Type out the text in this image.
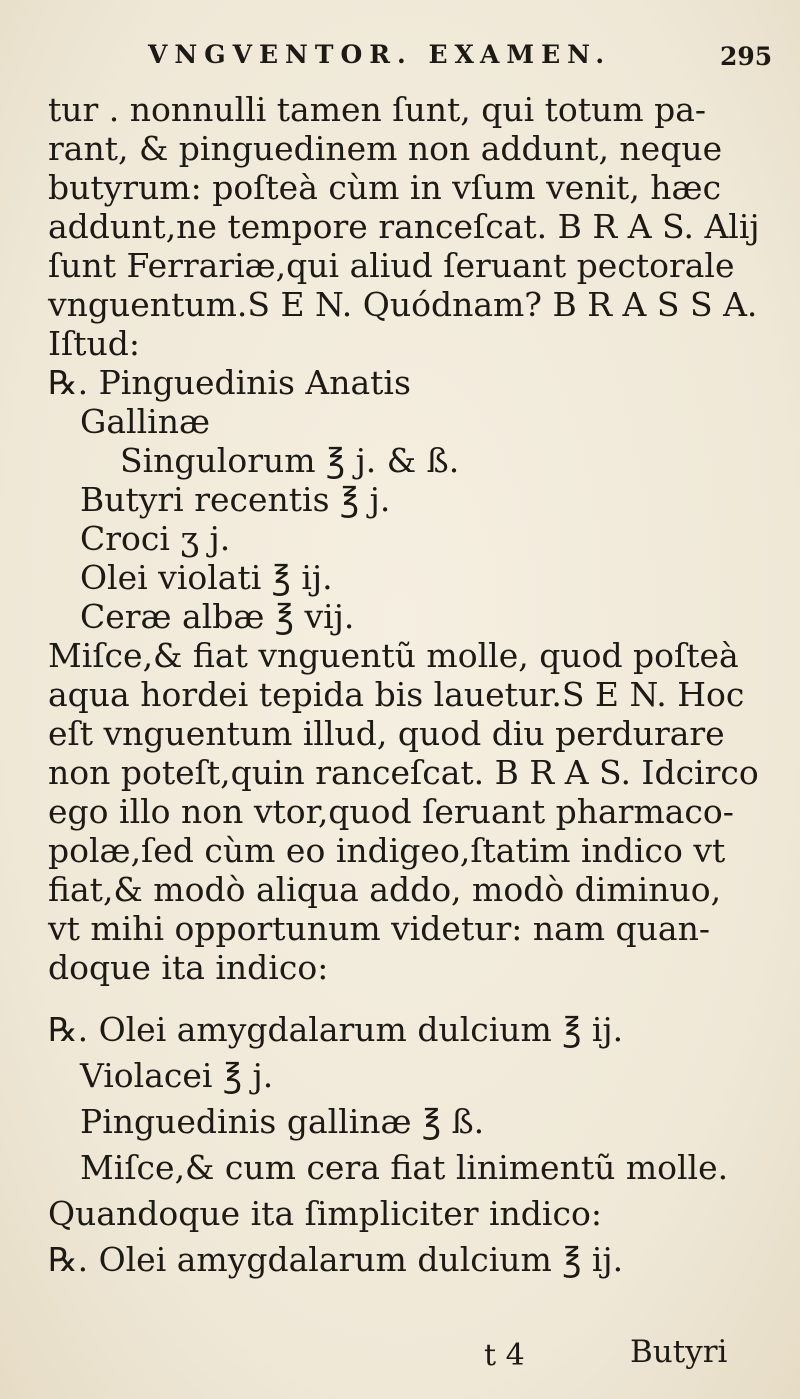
VNGVENTOR. EXAMEN.	295
tur . nonnulli tamen ſunt, qui totum pa-
rant, & pinguedinem non addunt, neque
butyrum: poſteà cùm in vſum venit, hæc
addunt,ne tempore ranceſcat. B R A S. Alij
ſunt Ferrariæ,qui aliud ſeruant pectorale
vnguentum.S E N. Quódnam? B R A S S A.
Iſtud:
℞. Pinguedinis Anatis
Gallinæ
Singulorum ℥ j. & ß.
Butyri recentis ℥ j.
Croci ʒ j.
Olei violati ℥ ij.
Ceræ albæ ℥ vij.
Miſce,& fiat vnguentũ molle, quod poſteà
aqua hordei tepida bis lauetur.S E N. Hoc
eſt vnguentum illud, quod diu perdurare
non poteſt,quin ranceſcat. B R A S. Idcirco
ego illo non vtor,quod ſeruant pharmaco-
polæ,ſed cùm eo indigeo,ſtatim indico vt
fiat,& modò aliqua addo, modò diminuo,
vt mihi opportunum videtur: nam quan-
doque ita indico:
℞. Olei amygdalarum dulcium ℥ ij.
Violacei ℥ j.
Pinguedinis gallinæ ℥ ß.
Miſce,& cum cera fiat linimentũ molle.
Quandoque ita ſimpliciter indico:
℞. Olei amygdalarum dulcium ℥ ij.
t 4	Butyri
